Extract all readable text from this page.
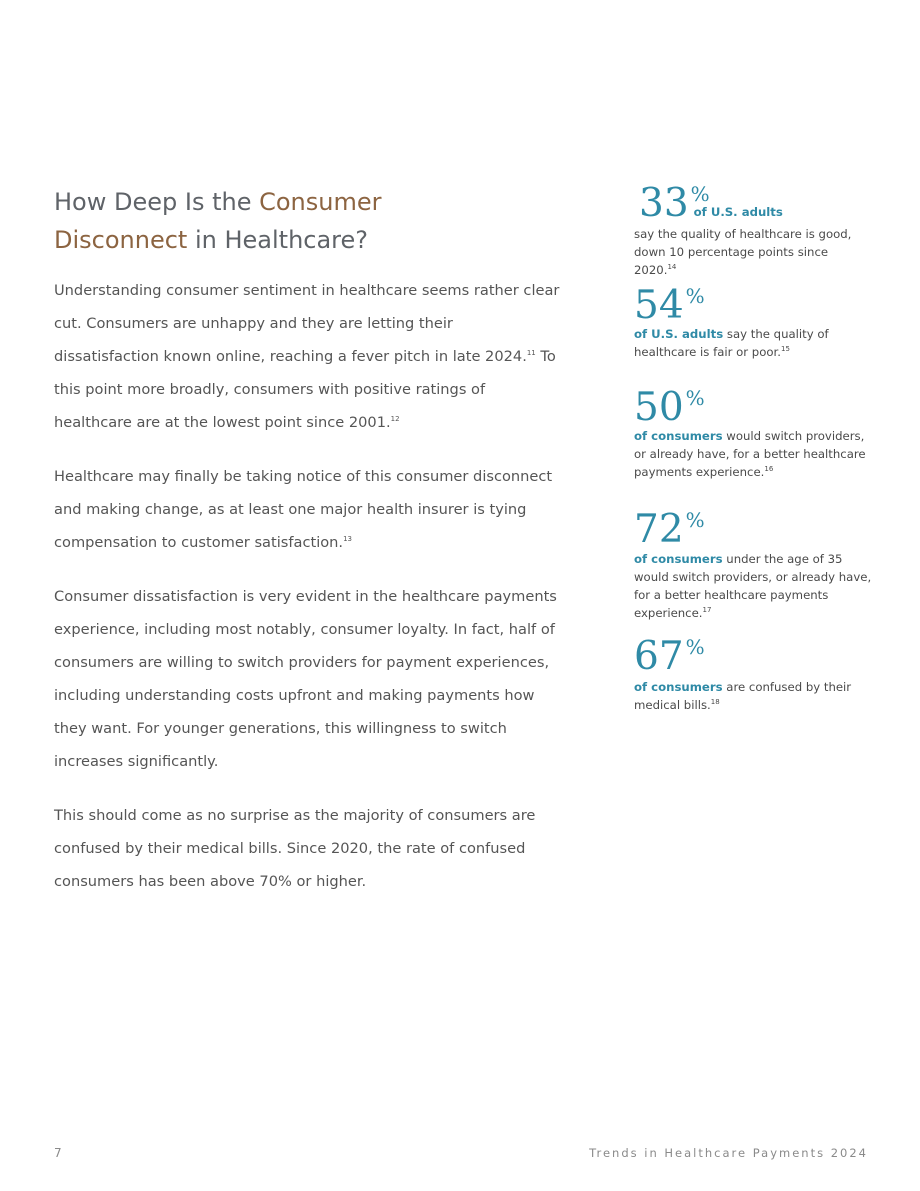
How Deep Is the Consumer
Disconnect in Healthcare?

Understanding consumer sentiment in healthcare seems rather clear cut. Consumers are unhappy and they are letting their dissatisfaction known online, reaching a fever pitch in late 2024.11 To this point more broadly, consumers with positive ratings of healthcare are at the lowest point since 2001.12

Healthcare may finally be taking notice of this consumer disconnect and making change, as at least one major health insurer is tying compensation to customer satisfaction.$^{13}$

Consumer dissatisfaction is very evident in the healthcare payments experience, including most notably, consumer loyalty. In fact, half of consumers are willing to switch providers for payment experiences, including understanding costs upfront and making payments how they want. For younger generations, this willingness to switch increases significantly.

This should come as no surprise as the majority of consumers are confused by their medical bills. Since 2020, the rate of confused consumers has been above 70% or higher.

33 %of U.S. adults
say the quality of healthcare is good, down 10 percentage points since 2020.14
54 %
of U.S. adults say the quality of healthcare is fair or poor.$^{15}$
50 %
of consumers would switch providers, or already have, for a better healthcare payments experience.$^{16}$
72 %
of consumers under the age of 35 would switch providers, or already have, for a better healthcare payments experience.$^{17}$
67 %
of consumers are confused by their medical bills.$^{18}$
7	Trends in Healthcare Payments 2024
